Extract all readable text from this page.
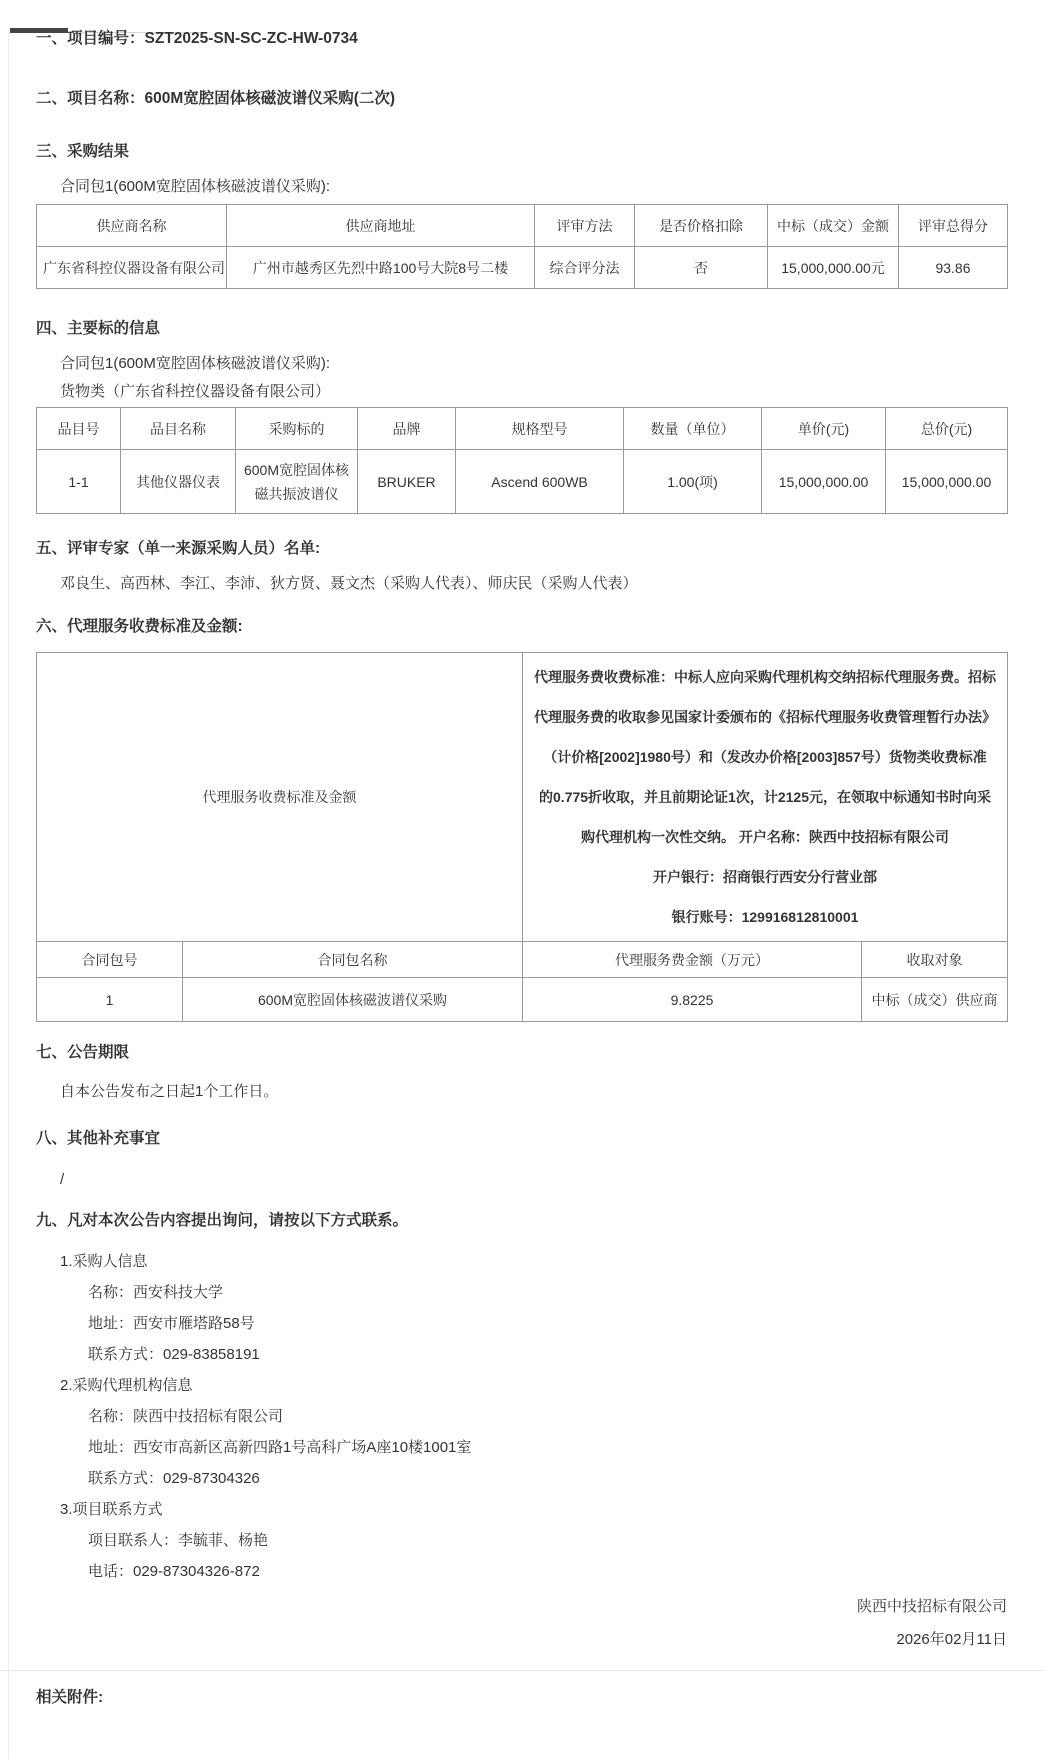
一、项目编号：SZT2025-SN-SC-ZC-HW-0734
二、项目名称：600M宽腔固体核磁波谱仪采购(二次)
三、采购结果
合同包1(600M宽腔固体核磁波谱仪采购):
供应商名称	供应商地址	评审方法	是否价格扣除	中标（成交）金额	评审总得分
广东省科控仪器设备有限公司	广州市越秀区先烈中路100号大院8号二楼	综合评分法	否	15,000,000.00元	93.86
四、主要标的信息
合同包1(600M宽腔固体核磁波谱仪采购):
货物类（广东省科控仪器设备有限公司）
品目号	品目名称	采购标的	品牌	规格型号	数量（单位）	单价(元)	总价(元)
1-1	其他仪器仪表	600M宽腔固体核磁共振波谱仪	BRUKER	Ascend 600WB	1.00(项)	15,000,000.00	15,000,000.00
五、评审专家（单一来源采购人员）名单:
邓良生、高西林、李江、李沛、狄方贤、聂文杰（采购人代表）、师庆民（采购人代表）
六、代理服务收费标准及金额:
代理服务收费标准及金额	
代理服务费收费标准：中标人应向采购代理机构交纳招标代理服务费。招标
代理服务费的收取参见国家计委颁布的《招标代理服务收费管理暂行办法》
（计价格[2002]1980号）和（发改办价格[2003]857号）货物类收费标准
的0.775折收取，并且前期论证1次，计2125元，在领取中标通知书时向采
购代理机构一次性交纳。 开户名称：陕西中技招标有限公司
开户银行：招商银行西安分行营业部
银行账号：129916812810001

合同包号	合同包名称	代理服务费金额（万元）	收取对象
1	600M宽腔固体核磁波谱仪采购	9.8225	中标（成交）供应商
七、公告期限
自本公告发布之日起1个工作日。
八、其他补充事宜
/
九、凡对本次公告内容提出询问，请按以下方式联系。
1.采购人信息
名称：西安科技大学
地址：西安市雁塔路58号
联系方式：029-83858191
2.采购代理机构信息
名称：陕西中技招标有限公司
地址：西安市高新区高新四路1号高科广场A座10楼1001室
联系方式：029-87304326
3.项目联系方式
项目联系人：李毓菲、杨艳
电话：029-87304326-872
陕西中技招标有限公司
2026年02月11日
相关附件:
